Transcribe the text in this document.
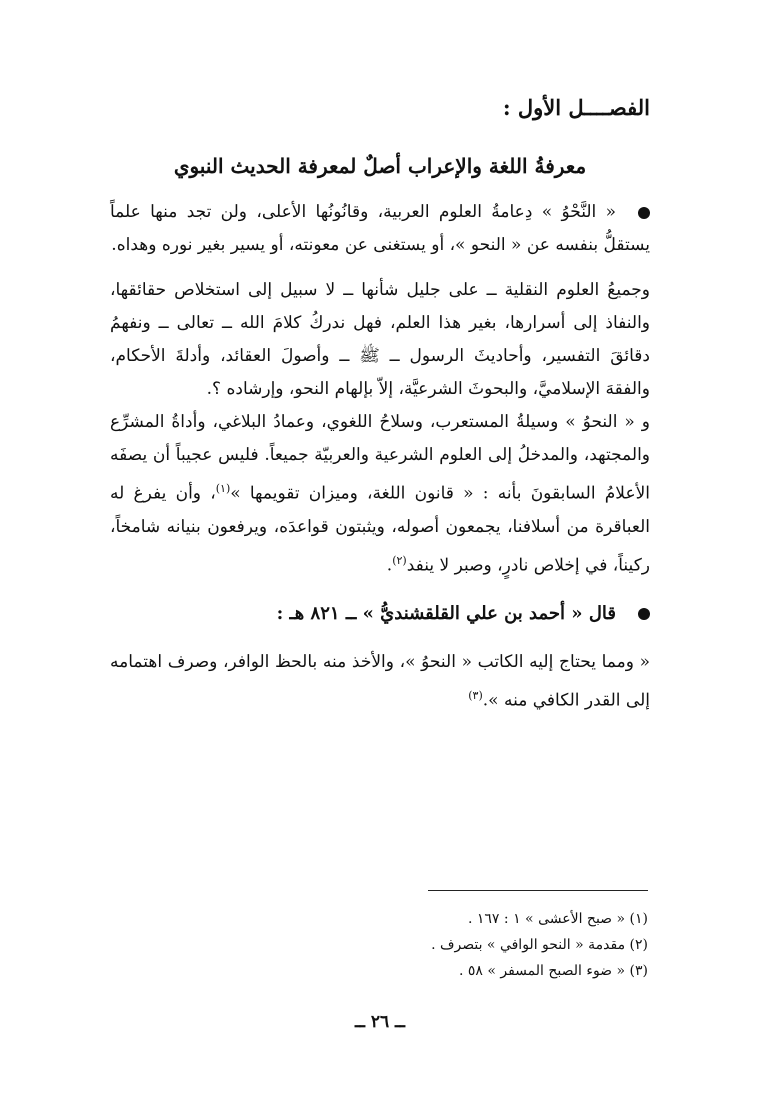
الفصــــل الأول :
معرفةُ اللغة والإعراب أصلٌ لمعرفة الحديث النبوي

« النَّحْوُ » دِعامةُ العلوم العربية، وقانُونُها الأعلى، ولن تجد منها علماً يستقلُّ بنفسه عن « النحو »، أو يستغنى عن معونته، أو يسير بغير نوره وهداه.

وجميعُ العلوم النقلية ــ على جليل شأنها ــ لا سبيل إلى استخلاص حقائقها، والنفاذ إلى أسرارها، بغير هذا العلم، فهل ندركُ كلامَ الله ــ تعالى ــ ونفهمُ دقائقَ التفسير، وأحاديثَ الرسول ــ ﷺ ــ وأصولَ العقائد، وأدلةَ الأحكام، والفقهَ الإسلاميَّ، والبحوثَ الشرعيَّة، إلاّ بإلهام النحو، وإرشاده ؟.

و « النحوُ » وسيلةُ المستعرب، وسلاحُ اللغوي، وعمادُ البلاغي، وأداةُ المشرِّع والمجتهد، والمدخلُ إلى العلوم الشرعية والعربيّة جميعاً. فليس عجيباً أن يصفَه الأعلامُ السابقونَ بأنه : « قانون اللغة، وميزان تقويمها »$^{(١)}$، وأن يفرغ له العباقرة من أسلافنا، يجمعون أصوله، ويثبتون قواعدَه، ويرفعون بنيانه شامخاً، ركيناً، في إخلاص نادرٍ، وصبر لا ينفد$^{(٢)}$.

قال « أحمد بن علي القلقشنديُّ » ــ ٨٢١ هـ :

« ومما يحتاج إليه الكاتب « النحوُ »، والأخذ منه بالحظ الوافر، وصرف اهتمامه إلى القدر الكافي منه ».$^{(٣)}$

(١) « صبح الأعشى » ١ : ١٦٧ .
(٢) مقدمة « النحو الوافي » بتصرف .
(٣) « ضوء الصبح المسفر » ٥٨ .
ــ ٢٦ ــ
